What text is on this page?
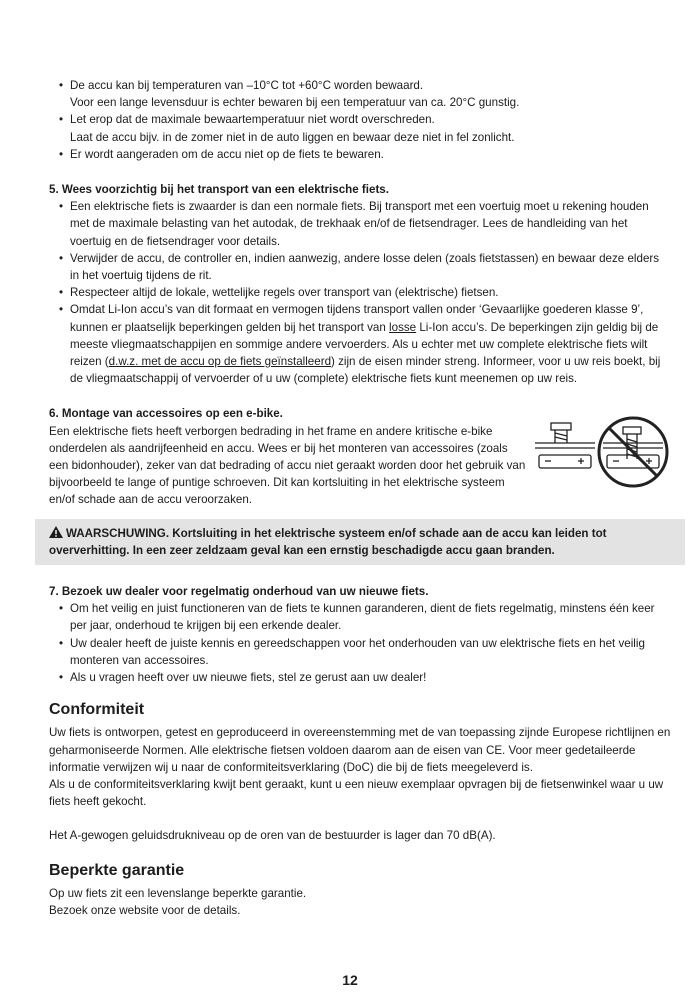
• De accu kan bij temperaturen van –10°C tot +60°C worden bewaard.
Voor een lange levensduur is echter bewaren bij een temperatuur van ca. 20°C gunstig.
• Let erop dat de maximale bewaartemperatuur niet wordt overschreden.
Laat de accu bijv. in de zomer niet in de auto liggen en bewaar deze niet in fel zonlicht.
• Er wordt aangeraden om de accu niet op de fiets te bewaren.

5. Wees voorzichtig bij het transport van een elektrische fiets.

• Een elektrische fiets is zwaarder is dan een normale fiets. Bij transport met een voertuig moet u rekening houden met de maximale belasting van het autodak, de trekhaak en/of de fietsendrager. Lees de handleiding van het voertuig en de fietsendrager voor details.
• Verwijder de accu, de controller en, indien aanwezig, andere losse delen (zoals fietstassen) en bewaar deze elders in het voertuig tijdens de rit.
• Respecteer altijd de lokale, wettelijke regels over transport van (elektrische) fietsen.
• Omdat Li-Ion accu’s van dit formaat en vermogen tijdens transport vallen onder ‘Gevaarlijke goederen klasse 9’, kunnen er plaatselijk beperkingen gelden bij het transport van losse Li-Ion accu’s. De beperkingen zijn geldig bij de meeste vliegmaatschappijen en sommige andere vervoerders. Als u echter met uw complete elektrische fiets wilt reizen (d.w.z. met de accu op de fiets geïnstalleerd) zijn de eisen minder streng. Informeer, voor u uw reis boekt, bij de vliegmaatschappij of vervoerder of u uw (complete) elektrische fiets kunt meenemen op uw reis.

6. Montage van accessoires op een e-bike.

Een elektrische fiets heeft verborgen bedrading in het frame en andere kritische e-bike onderdelen als aandrijfeenheid en accu. Wees er bij het monteren van accessoires (zoals een bidonhouder), zeker van dat bedrading of accu niet geraakt worden door het gebruik van bijvoorbeeld te lange of puntige schroeven. Dit kan kortsluiting in het elektrische systeem en/of schade aan de accu veroorzaken.

WAARSCHUWING. Kortsluiting in het elektrische systeem en/of schade aan de accu kan leiden tot oververhitting. In een zeer zeldzaam geval kan een ernstig beschadigde accu gaan branden.

7. Bezoek uw dealer voor regelmatig onderhoud van uw nieuwe fiets.

• Om het veilig en juist functioneren van de fiets te kunnen garanderen, dient de fiets regelmatig, minstens één keer per jaar, onderhoud te krijgen bij een erkende dealer.
• Uw dealer heeft de juiste kennis en gereedschappen voor het onderhouden van uw elektrische fiets en het veilig monteren van accessoires.
• Als u vragen heeft over uw nieuwe fiets, stel ze gerust aan uw dealer!
Conformiteit

Uw fiets is ontworpen, getest en geproduceerd in overeenstemming met de van toepassing zijnde Europese richtlijnen en geharmoniseerde Normen. Alle elektrische fietsen voldoen daarom aan de eisen van CE. Voor meer gedetaileerde informatie verwijzen wij u naar de conformiteitsverklaring (DoC) die bij de fiets meegeleverd is.

Als u de conformiteitsverklaring kwijt bent geraakt, kunt u een nieuw exemplaar opvragen bij de fietsenwinkel waar u uw fiets heeft gekocht.

Het A-gewogen geluidsdrukniveau op de oren van de bestuurder is lager dan 70 dB(A).

Beperkte garantie

Op uw fiets zit een levenslange beperkte garantie.

Bezoek onze website voor de details.

12
